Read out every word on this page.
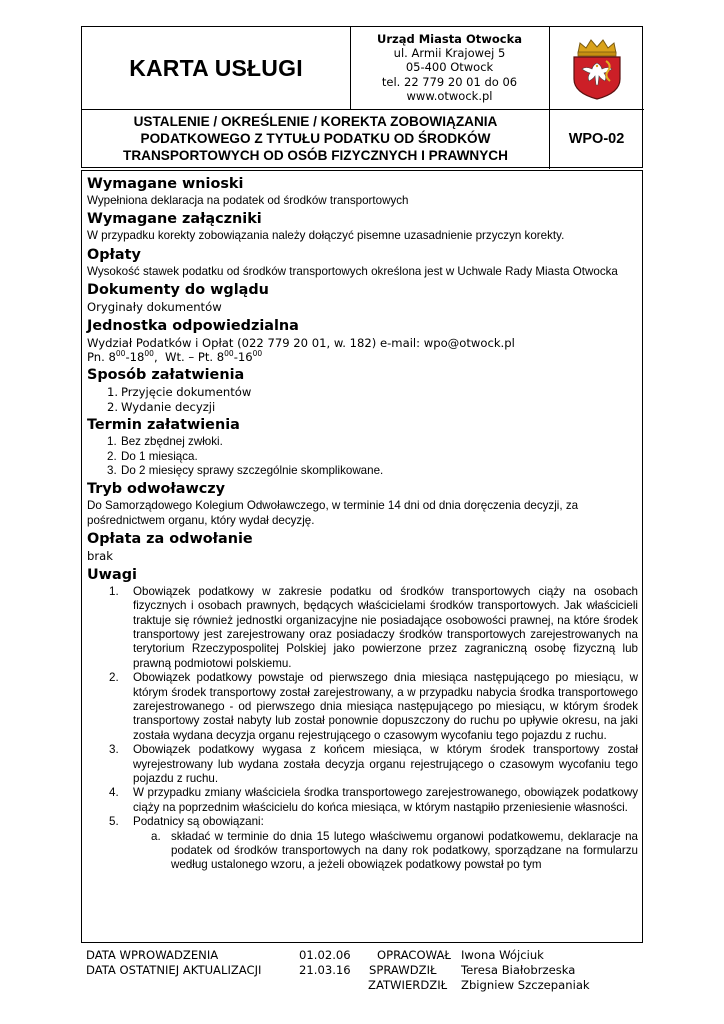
KARTA USŁUGI
Urząd Miasta Otwocka
ul. Armii Krajowej 5
05-400 Otwock
tel. 22 779 20 01 do 06
www.otwock.pl
USTALENIE / OKREŚLENIE / KOREKTA ZOBOWIĄZANIA
PODATKOWEGO Z TYTUŁU PODATKU OD ŚRODKÓW
TRANSPORTOWYCH OD OSÓB FIZYCZNYCH I PRAWNYCH
WPO-02
Wymagane wnioski
Wypełniona deklaracja na podatek od środków transportowych
Wymagane załączniki
W przypadku korekty zobowiązania należy dołączyć pisemne uzasadnienie przyczyn korekty.
Opłaty
Wysokość stawek podatku od środków transportowych określona jest w Uchwale Rady Miasta Otwocka
Dokumenty do wglądu
Oryginały dokumentów
Jednostka odpowiedzialna
Wydział Podatków i Opłat (022 779 20 01, w. 182) e-mail: wpo@otwock.pl
Pn. $8^{00}-18^{00}$,  Wt. – Pt. $8^{00}-16^{00}$
Sposób załatwienia
1. Przyjęcie dokumentów
2. Wydanie decyzji
Termin załatwienia
1. Bez zbędnej zwłoki.
2. Do 1 miesiąca.
3. Do 2 miesięcy sprawy szczególnie skomplikowane.
Tryb odwoławczy
Do Samorządowego Kolegium Odwoławczego, w terminie 14 dni od dnia doręczenia decyzji, za pośrednictwem organu, który wydał decyzję.
Opłata za odwołanie
brak
Uwagi
1. Obowiązek podatkowy w zakresie podatku od środków transportowych ciąży na osobach fizycznych i osobach prawnych, będących właścicielami środków transportowych. Jak właścicieli traktuje się również jednostki organizacyjne nie posiadające osobowości prawnej, na które środek transportowy jest zarejestrowany oraz posiadaczy środków transportowych zarejestrowanych na terytorium Rzeczypospolitej Polskiej jako powierzone przez zagraniczną osobę fizyczną lub prawną podmiotowi polskiemu.
2. Obowiązek podatkowy powstaje od pierwszego dnia miesiąca następującego po miesiącu, w którym środek transportowy został zarejestrowany, a w przypadku nabycia środka transportowego zarejestrowanego - od pierwszego dnia miesiąca następującego po miesiącu, w którym środek transportowy został nabyty lub został ponownie dopuszczony do ruchu po upływie okresu, na jaki została wydana decyzja organu rejestrującego o czasowym wycofaniu tego pojazdu z ruchu.
3. Obowiązek podatkowy wygasa z końcem miesiąca, w którym środek transportowy został wyrejestrowany lub wydana została decyzja organu rejestrującego o czasowym wycofaniu tego pojazdu z ruchu.
4. W przypadku zmiany właściciela środka transportowego zarejestrowanego, obowiązek podatkowy ciąży na poprzednim właścicielu do końca miesiąca, w którym nastąpiło przeniesienie własności.
5. Podatnicy są obowiązani:
a. składać w terminie do dnia 15 lutego właściwemu organowi podatkowemu, deklaracje na podatek od środków transportowych na dany rok podatkowy, sporządzane na formularzu według ustalonego wzoru, a jeżeli obowiązek podatkowy powstał po tym
DATA WPROWADZENIA	01.02.06 OPRACOWAŁ Iwona Wójciuk
DATA OSTATNIEJ AKTUALIZACJI	21.03.16 SPRAWDZIŁ Teresa Białobrzeska
ZATWIERDZIŁ Zbigniew Szczepaniak
